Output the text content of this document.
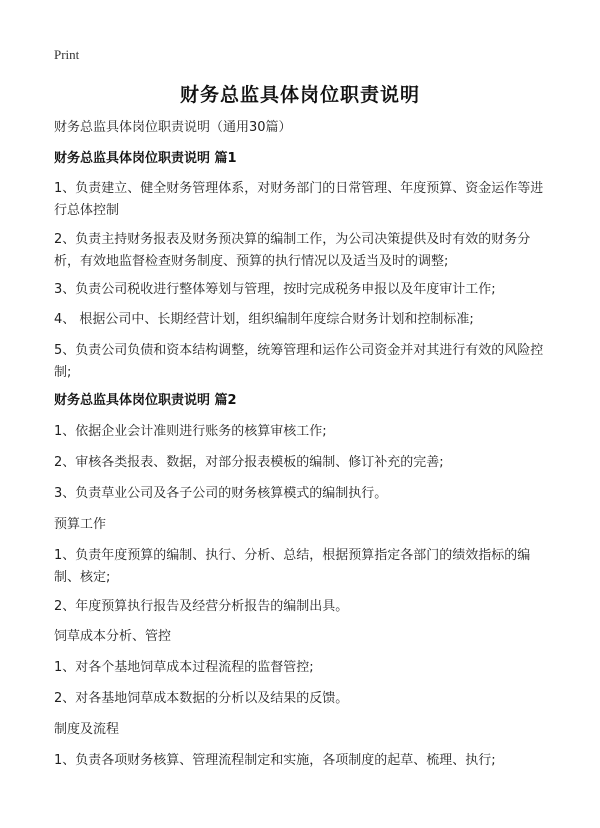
Print
财务总监具体岗位职责说明
财务总监具体岗位职责说明（通用30篇）
财务总监具体岗位职责说明 篇1
1、负责建立、健全财务管理体系，对财务部门的日常管理、年度预算、资金运作等进行总体控制
2、负责主持财务报表及财务预决算的编制工作，为公司决策提供及时有效的财务分析，有效地监督检查财务制度、预算的执行情况以及适当及时的调整;
3、负责公司税收进行整体筹划与管理，按时完成税务申报以及年度审计工作;
4、 根据公司中、长期经营计划，组织编制年度综合财务计划和控制标准;
5、负责公司负债和资本结构调整，统筹管理和运作公司资金并对其进行有效的风险控制;
财务总监具体岗位职责说明 篇2
1、依据企业会计准则进行账务的核算审核工作;
2、审核各类报表、数据，对部分报表模板的编制、修订补充的完善;
3、负责草业公司及各子公司的财务核算模式的编制执行。
预算工作
1、负责年度预算的编制、执行、分析、总结，根据预算指定各部门的绩效指标的编制、核定;
2、年度预算执行报告及经营分析报告的编制出具。
饲草成本分析、管控
1、对各个基地饲草成本过程流程的监督管控;
2、对各基地饲草成本数据的分析以及结果的反馈。
制度及流程
1、负责各项财务核算、管理流程制定和实施，各项制度的起草、梳理、执行;
